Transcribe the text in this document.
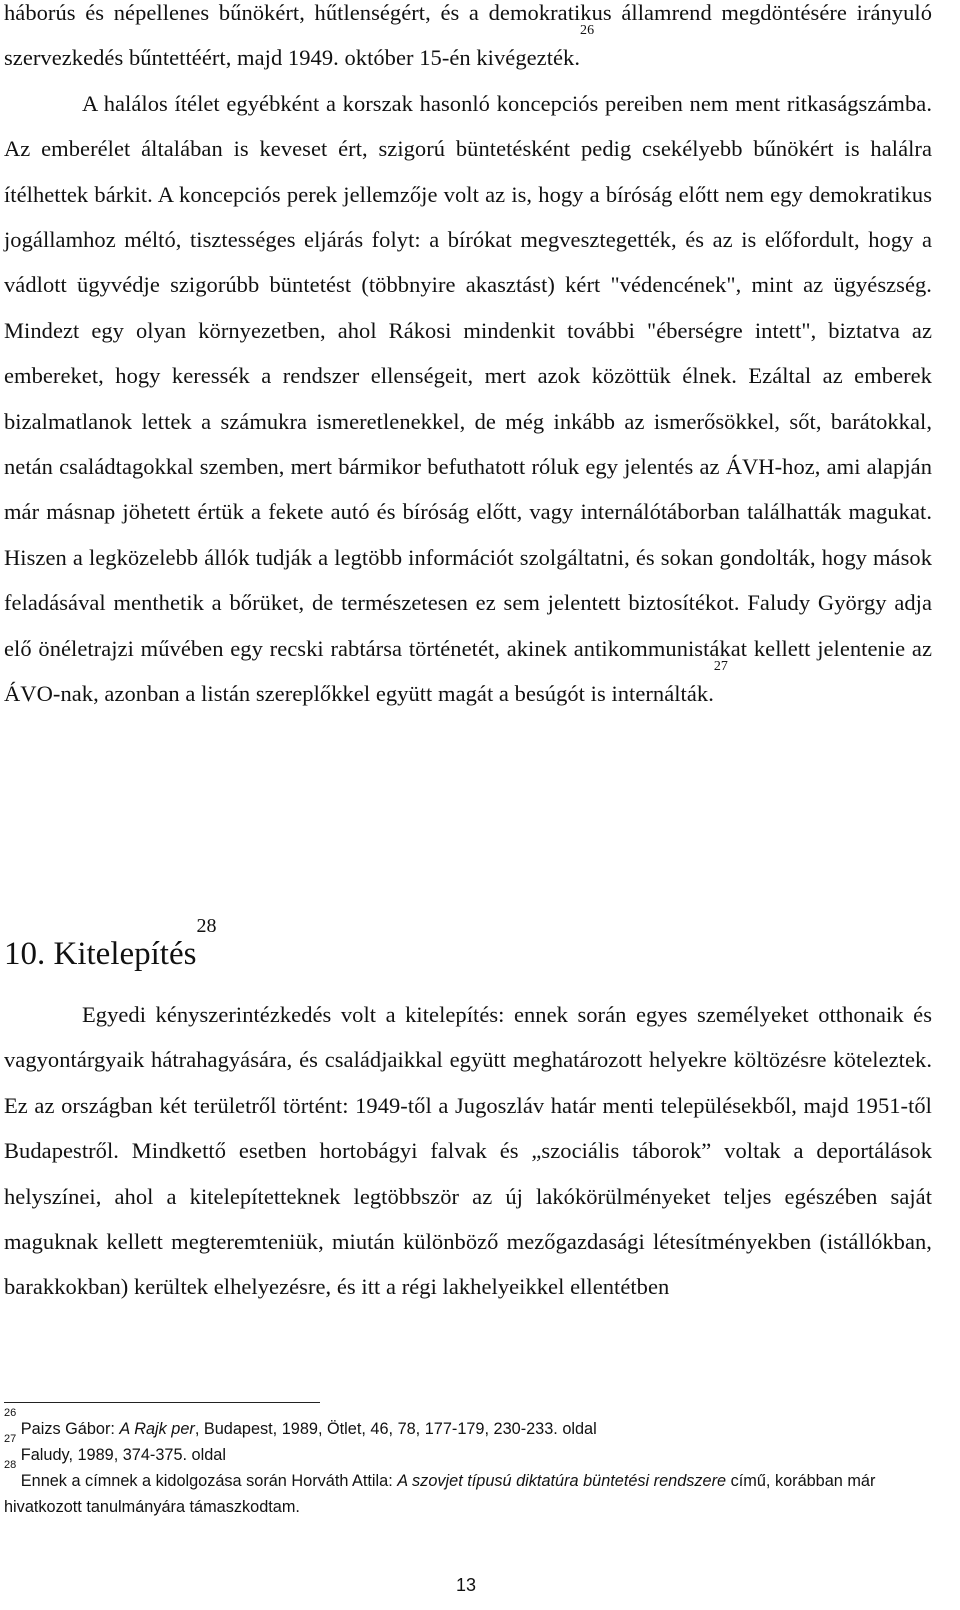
háborús és népellenes bűnökért, hűtlenségért, és a demokratikus államrend megdöntésére irányuló szervezkedés bűntettéért, majd 1949. október 15-én kivégezték.$^{26}$

A halálos ítélet egyébként a korszak hasonló koncepciós pereiben nem ment ritkaságszámba. Az emberélet általában is keveset ért, szigorú büntetésként pedig csekélyebb bűnökért is halálra ítélhettek bárkit. A koncepciós perek jellemzője volt az is, hogy a bíróság előtt nem egy demokratikus jogállamhoz méltó, tisztességes eljárás folyt: a bírókat megvesztegették, és az is előfordult, hogy a vádlott ügyvédje szigorúbb büntetést (többnyire akasztást) kért "védencének", mint az ügyészség. Mindezt egy olyan környezetben, ahol Rákosi mindenkit további "éberségre intett", biztatva az embereket, hogy keressék a rendszer ellenségeit, mert azok közöttük élnek. Ezáltal az emberek bizalmatlanok lettek a számukra ismeretlenekkel, de még inkább az ismerősökkel, sőt, barátokkal, netán családtagokkal szemben, mert bármikor befuthatott róluk egy jelentés az ÁVH-hoz, ami alapján már másnap jöhetett értük a fekete autó és bíróság előtt, vagy internálótáborban találhatták magukat. Hiszen a legközelebb állók tudják a legtöbb információt szolgáltatni, és sokan gondolták, hogy mások feladásával menthetik a bőrüket, de természetesen ez sem jelentett biztosítékot. Faludy György adja elő önéletrajzi művében egy recski rabtársa történetét, akinek antikommunistákat kellett jelentenie az ÁVO-nak, azonban a listán szereplőkkel együtt magát a besúgót is internálták.$^{27}$

10. Kitelepítés$^{28}$

Egyedi kényszerintézkedés volt a kitelepítés: ennek során egyes személyeket otthonaik és vagyontárgyaik hátrahagyására, és családjaikkal együtt meghatározott helyekre költözésre köteleztek. Ez az országban két területről történt: 1949-től a Jugoszláv határ menti településekből, majd 1951-től Budapestről. Mindkettő esetben hortobágyi falvak és „szociális táborok” voltak a deportálások helyszínei, ahol a kitelepítetteknek legtöbbször az új lakókörülményeket teljes egészében saját maguknak kellett megteremteniük, miután különböző mezőgazdasági létesítményekben (istállókban, barakkokban) kerültek elhelyezésre, és itt a régi lakhelyeikkel ellentétben

$^{26}$ Paizs Gábor: A Rajk per, Budapest, 1989, Ötlet, 46, 78, 177-179, 230-233. oldal

$^{27}$ Faludy, 1989, 374-375. oldal

$^{28}$ Ennek a címnek a kidolgozása során Horváth Attila: A szovjet típusú diktatúra büntetési rendszere című, korábban már hivatkozott tanulmányára támaszkodtam.

13
